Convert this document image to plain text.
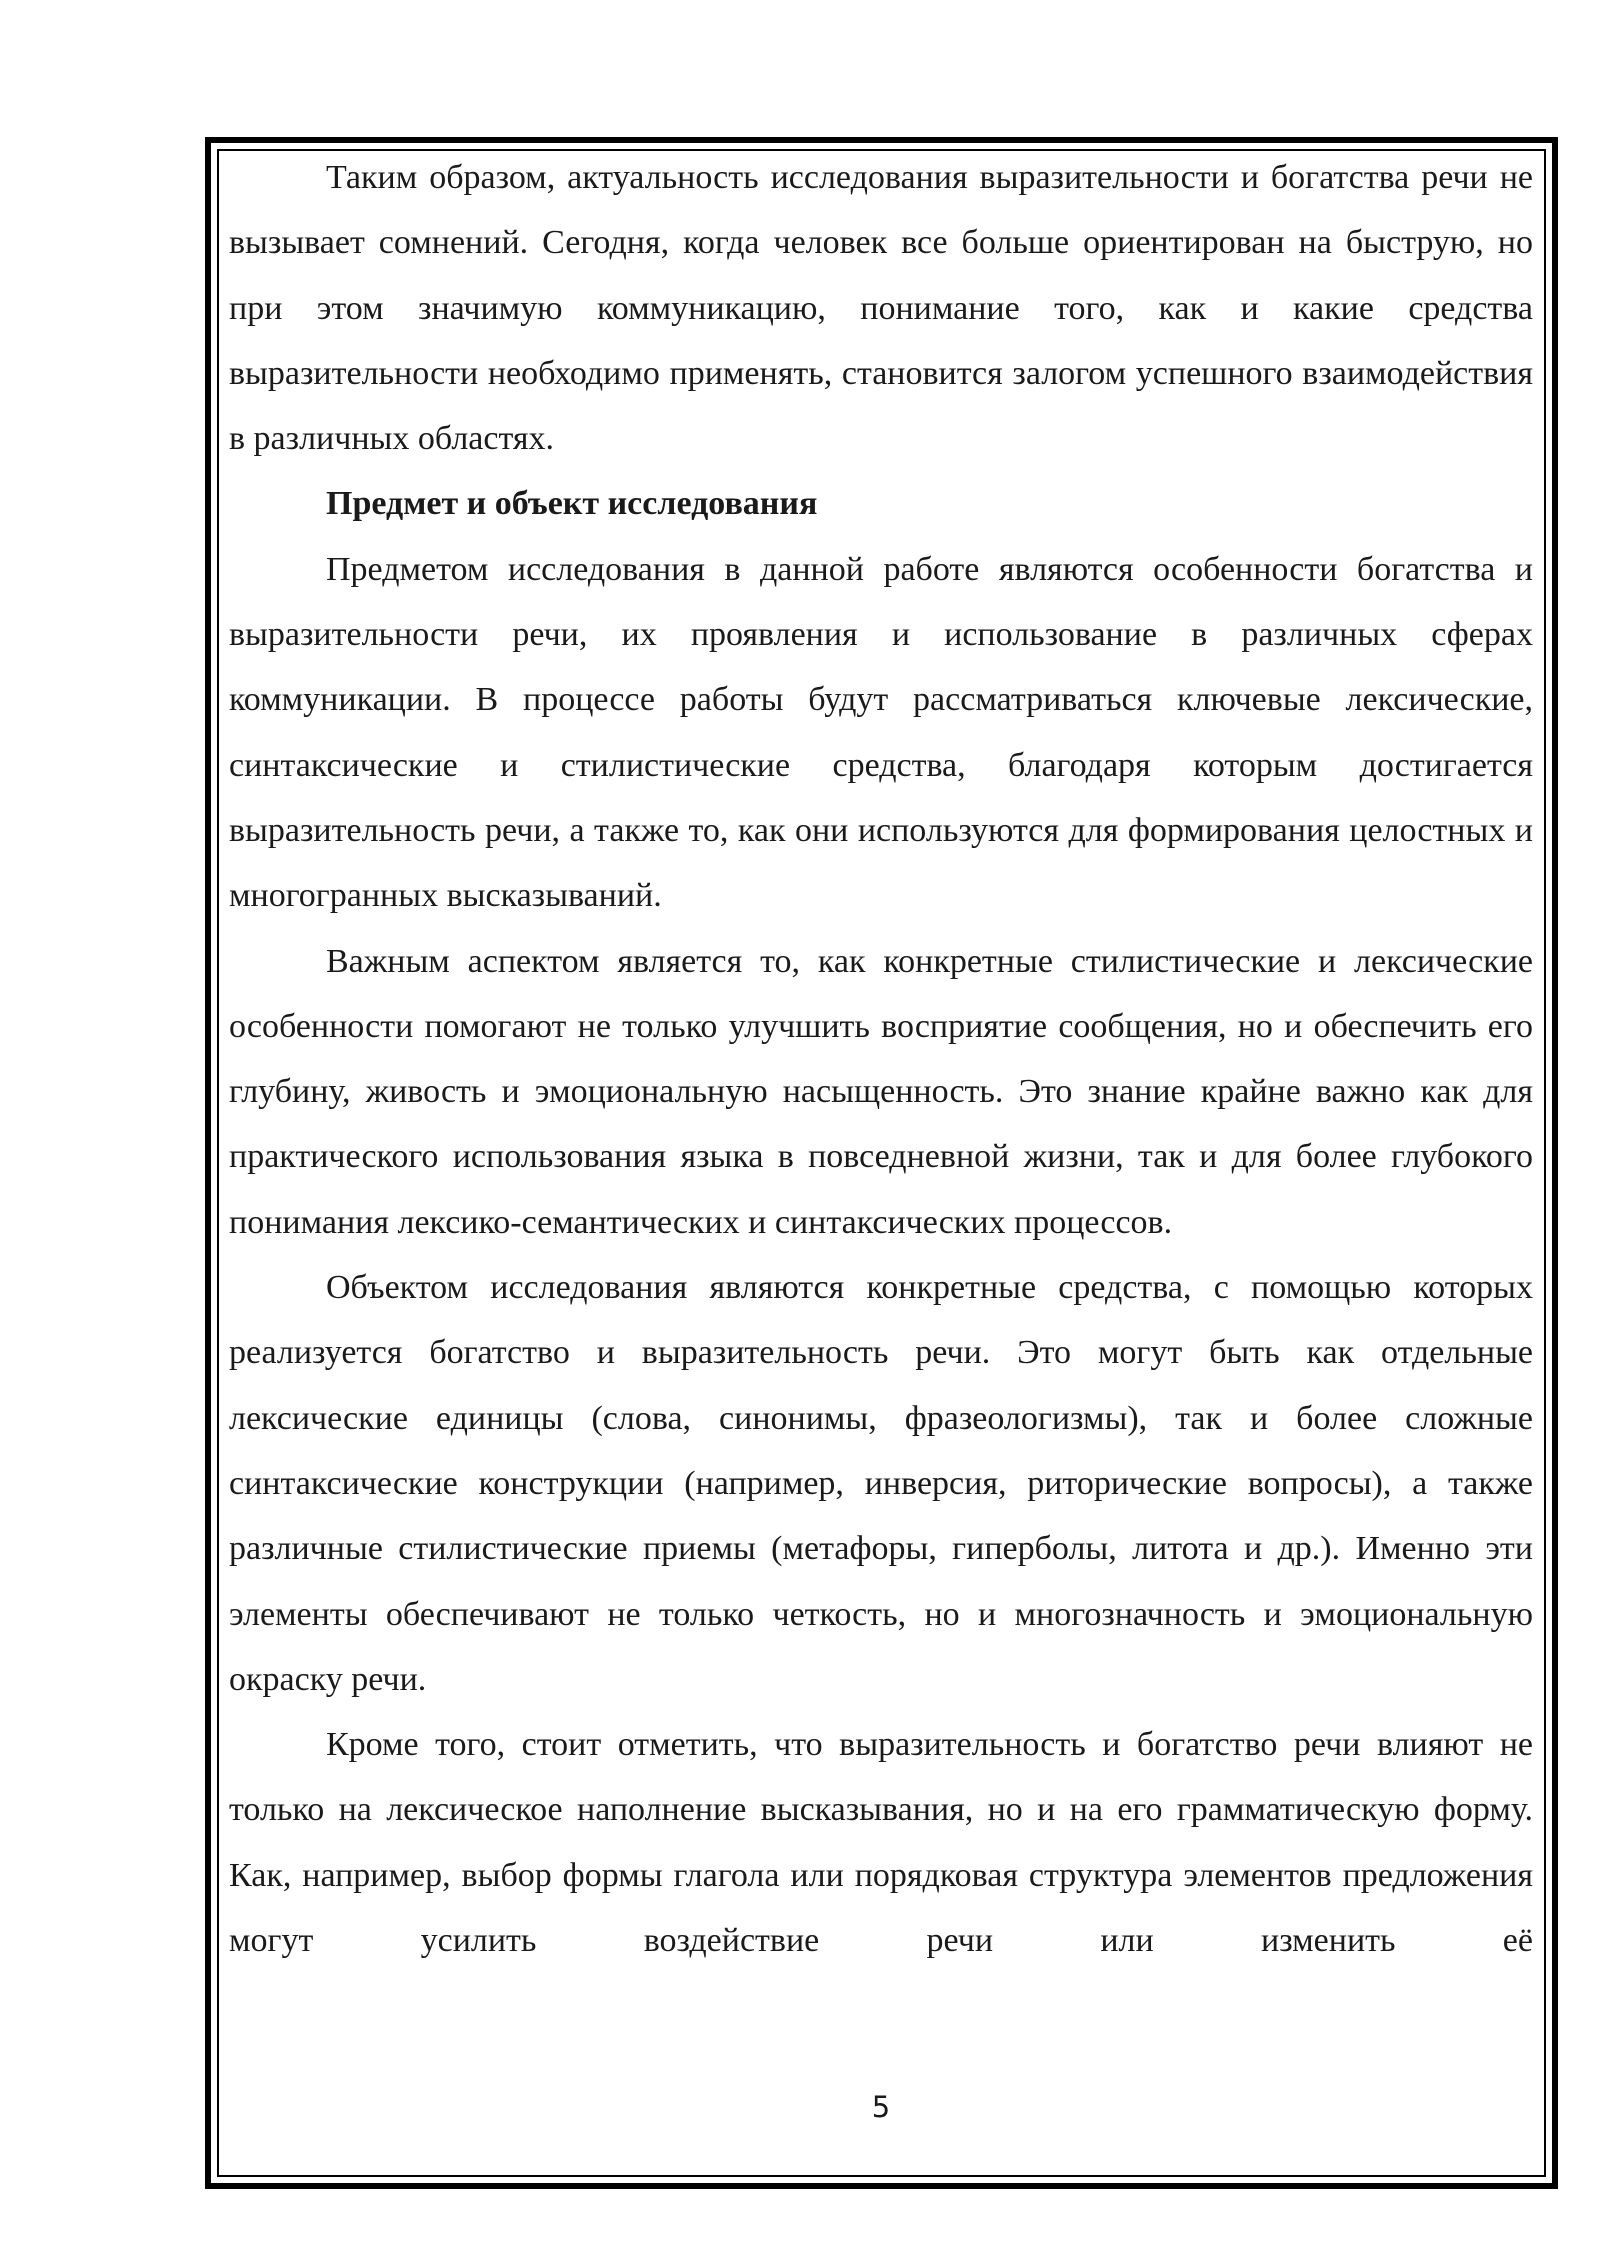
Таким образом, актуальность исследования выразительности и богатства речи не вызывает сомнений. Сегодня, когда человек все больше ориентирован на быструю, но при этом значимую коммуникацию, понимание того, как и какие средства выразительности необходимо применять, становится залогом успешного взаимодействия в различных областях.

Предмет и объект исследования

Предметом исследования в данной работе являются особенности богатства и выразительности речи, их проявления и использование в различных сферах коммуникации. В процессе работы будут рассматриваться ключевые лексические, синтаксические и стилистические средства, благодаря которым достигается выразительность речи, а также то, как они используются для формирования целостных и многогранных высказываний.

Важным аспектом является то, как конкретные стилистические и лексические особенности помогают не только улучшить восприятие сообщения, но и обеспечить его глубину, живость и эмоциональную насыщенность. Это знание крайне важно как для практического использования языка в повседневной жизни, так и для более глубокого понимания лексико-семантических и синтаксических процессов.

Объектом исследования являются конкретные средства, с помощью которых реализуется богатство и выразительность речи. Это могут быть как отдельные лексические единицы (слова, синонимы, фразеологизмы), так и более сложные синтаксические конструкции (например, инверсия, риторические вопросы), а также различные стилистические приемы (метафоры, гиперболы, литота и др.). Именно эти элементы обеспечивают не только четкость, но и многозначность и эмоциональную окраску речи.

Кроме того, стоит отметить, что выразительность и богатство речи влияют не только на лексическое наполнение высказывания, но и на его грамматическую форму. Как, например, выбор формы глагола или порядковая структура элементов предложения могут усилить воздействие речи или изменить её

5
